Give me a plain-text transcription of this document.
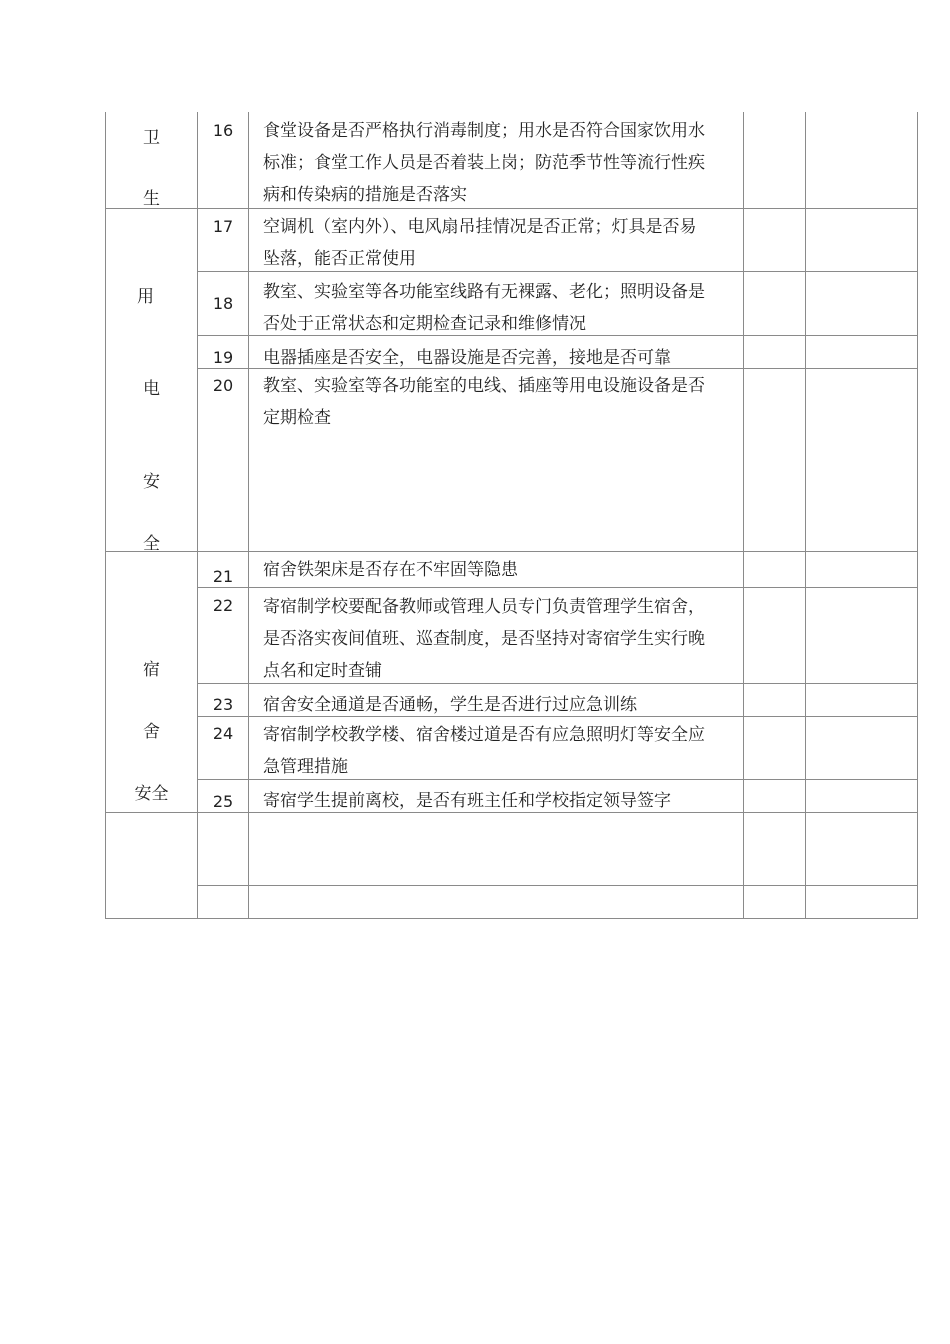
卫
生
用
电
安
全
宿
舍
安全
16
17
18
19
20
21
22
23
24
25
食堂设备是否严格执行消毒制度；用水是否符合国家饮用水
标准；食堂工作人员是否着装上岗；防范季节性等流行性疾
病和传染病的措施是否落实
空调机（室内外）、电风扇吊挂情况是否正常；灯具是否易
坠落，能否正常使用
教室、实验室等各功能室线路有无裸露、老化；照明设备是
否处于正常状态和定期检查记录和维修情况
电器插座是否安全，电器设施是否完善，接地是否可靠
教室、实验室等各功能室的电线、插座等用电设施设备是否
定期检查
宿舍铁架床是否存在不牢固等隐患
寄宿制学校要配备教师或管理人员专门负责管理学生宿舍，
是否洛实夜间值班、巡查制度，是否坚持对寄宿学生实行晚
点名和定时查铺
宿舍安全通道是否通畅，学生是否进行过应急训练
寄宿制学校教学楼、宿舍楼过道是否有应急照明灯等安全应
急管理措施
寄宿学生提前离校，是否有班主任和学校指定领导签字
